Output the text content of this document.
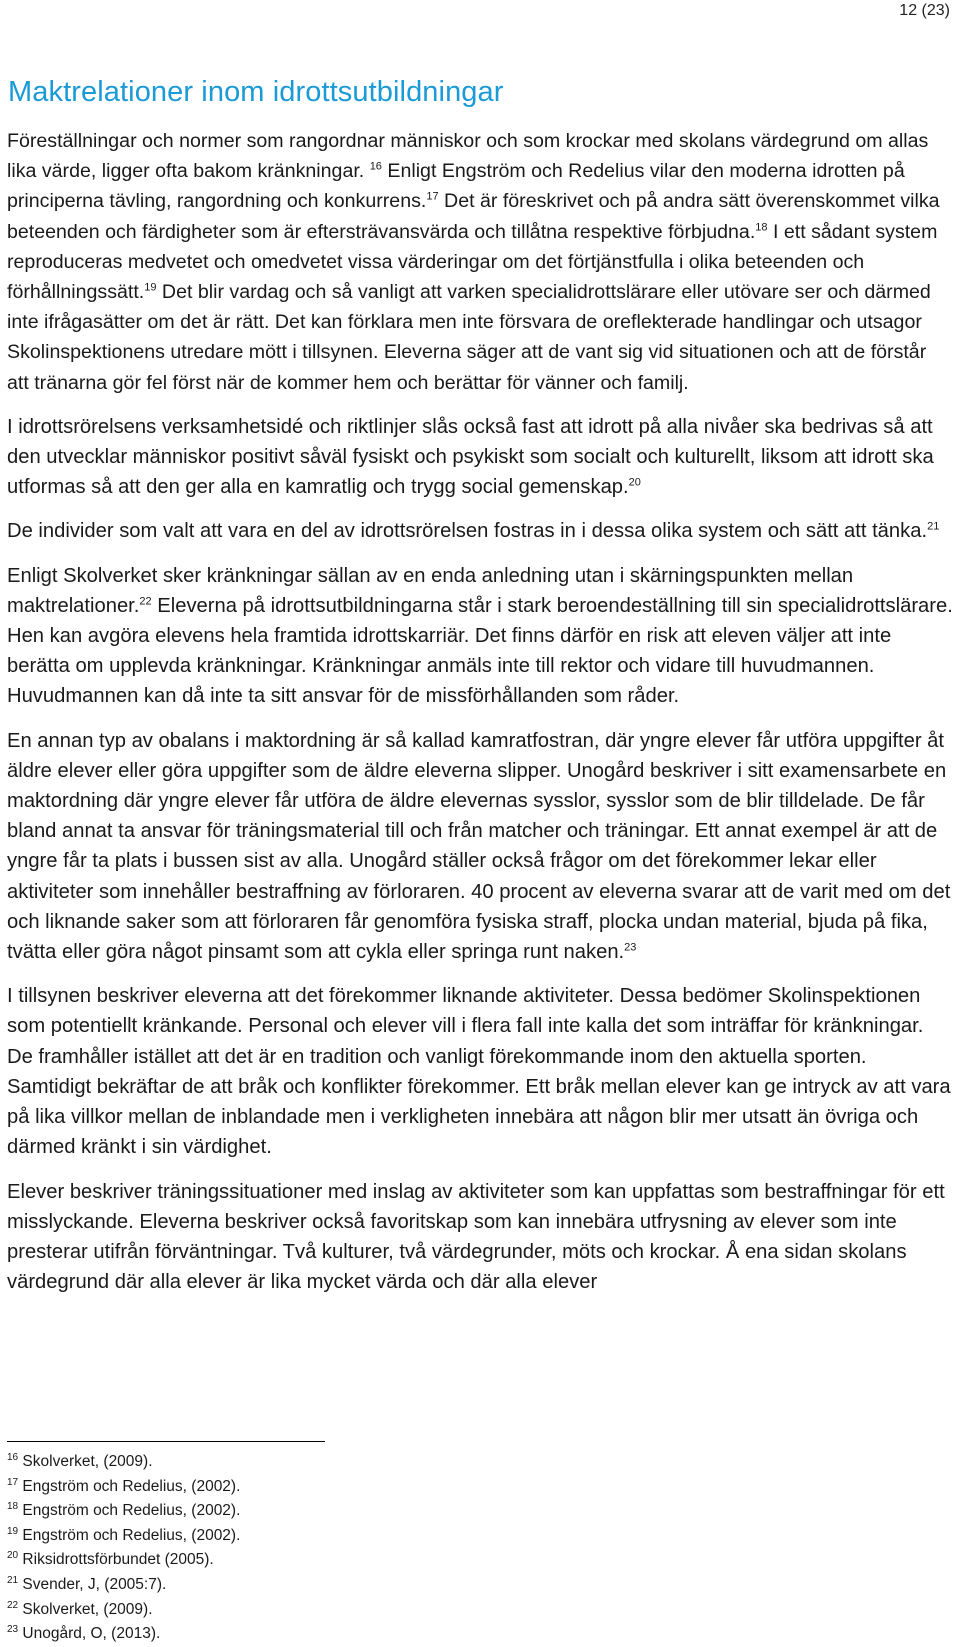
12 (23)
Maktrelationer inom idrottsutbildningar

Föreställningar och normer som rangordnar människor och som krockar med skolans värdegrund om allas lika värde, ligger ofta bakom kränkningar. $^{16}$ Enligt Engström och Redelius vilar den moderna idrotten på principerna tävling, rangordning och konkurrens.$^{17}$ Det är föreskrivet och på andra sätt överenskommet vilka beteenden och färdigheter som är eftersträvansvärda och tillåtna respektive förbjudna.$^{18}$ I ett sådant system reproduceras medvetet och omedvetet vissa värderingar om det förtjänstfulla i olika beteenden och förhållningssätt.$^{19}$ Det blir vardag och så vanligt att varken specialidrottslärare eller utövare ser och därmed inte ifrågasätter om det är rätt. Det kan förklara men inte försvara de oreflekterade handlingar och utsagor Skolinspektionens utredare mött i tillsynen. Eleverna säger att de vant sig vid situationen och att de förstår att tränarna gör fel först när de kommer hem och berättar för vänner och familj.

I idrottsrörelsens verksamhetsidé och riktlinjer slås också fast att idrott på alla nivåer ska bedrivas så att den utvecklar människor positivt såväl fysiskt och psykiskt som socialt och kulturellt, liksom att idrott ska utformas så att den ger alla en kamratlig och trygg social gemenskap.$^{20}$

De individer som valt att vara en del av idrottsrörelsen fostras in i dessa olika system och sätt att tänka.$^{21}$

Enligt Skolverket sker kränkningar sällan av en enda anledning utan i skärningspunkten mellan maktrelationer.$^{22}$ Eleverna på idrottsutbildningarna står i stark beroendeställning till sin specialidrottslärare. Hen kan avgöra elevens hela framtida idrottskarriär. Det finns därför en risk att eleven väljer att inte berätta om upplevda kränkningar. Kränkningar anmäls inte till rektor och vidare till huvudmannen. Huvudmannen kan då inte ta sitt ansvar för de missförhållanden som råder.

En annan typ av obalans i maktordning är så kallad kamratfostran, där yngre elever får utföra uppgifter åt äldre elever eller göra uppgifter som de äldre eleverna slipper. Unogård beskriver i sitt examensarbete en maktordning där yngre elever får utföra de äldre elevernas sysslor, sysslor som de blir tilldelade. De får bland annat ta ansvar för träningsmaterial till och från matcher och träningar. Ett annat exempel är att de yngre får ta plats i bussen sist av alla. Unogård ställer också frågor om det förekommer lekar eller aktiviteter som innehåller bestraffning av förloraren. 40 procent av eleverna svarar att de varit med om det och liknande saker som att förloraren får genomföra fysiska straff, plocka undan material, bjuda på fika, tvätta eller göra något pinsamt som att cykla eller springa runt naken.$^{23}$

I tillsynen beskriver eleverna att det förekommer liknande aktiviteter. Dessa bedömer Skolinspektionen som potentiellt kränkande. Personal och elever vill i flera fall inte kalla det som inträffar för kränkningar. De framhåller istället att det är en tradition och vanligt förekommande inom den aktuella sporten. Samtidigt bekräftar de att bråk och konflikter förekommer. Ett bråk mellan elever kan ge intryck av att vara på lika villkor mellan de inblandade men i verkligheten innebära att någon blir mer utsatt än övriga och därmed kränkt i sin värdighet.

Elever beskriver träningssituationer med inslag av aktiviteter som kan uppfattas som bestraffningar för ett misslyckande. Eleverna beskriver också favoritskap som kan innebära utfrysning av elever som inte presterar utifrån förväntningar. Två kulturer, två värdegrunder, möts och krockar. Å ena sidan skolans värdegrund där alla elever är lika mycket värda och där alla elever

$^{16}$ Skolverket, (2009).
$^{17}$ Engström och Redelius, (2002).
$^{18}$ Engström och Redelius, (2002).
$^{19}$ Engström och Redelius, (2002).
$^{20}$ Riksidrottsförbundet (2005).
$^{21}$ Svender, J, (2005:7).
$^{22}$ Skolverket, (2009).
$^{23}$ Unogård, O, (2013).
